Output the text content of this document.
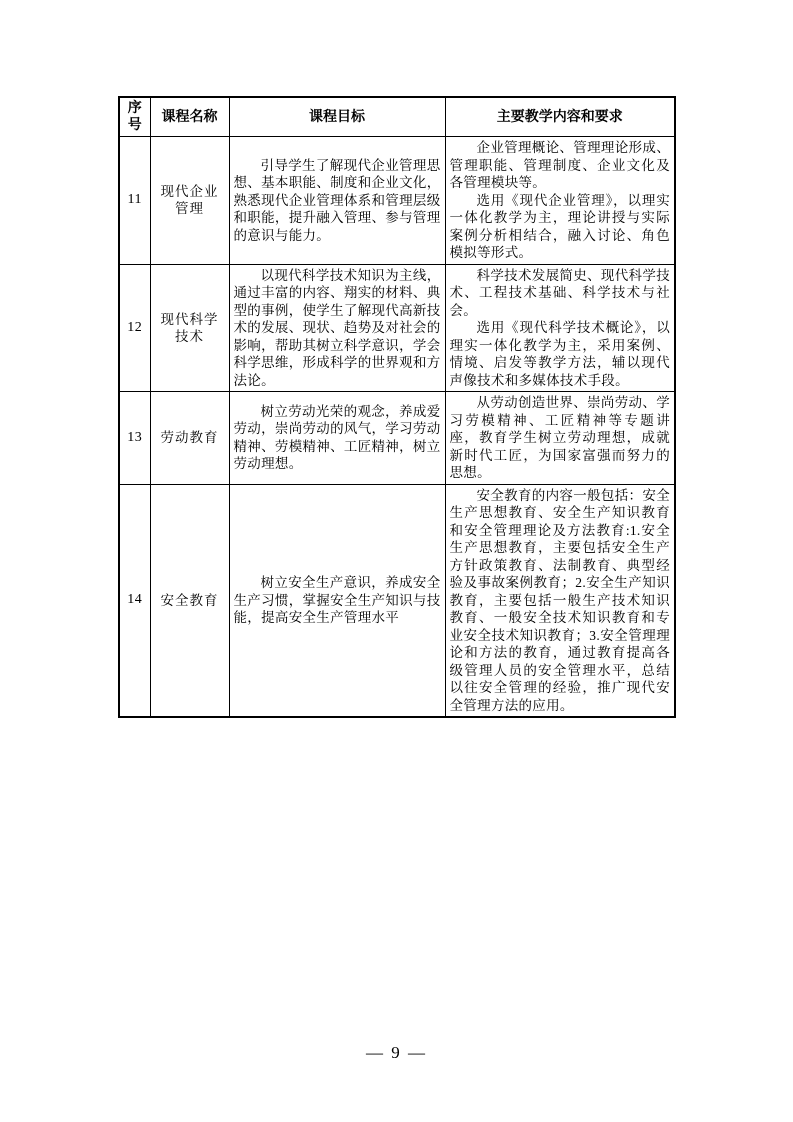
序号	课程名称	课程目标	主要教学内容和要求
11	现代企业管理	引导学生了解现代企业管理思想、基本职能、制度和企业文化，熟悉现代企业管理体系和管理层级和职能，提升融入管理、参与管理的意识与能力。	企业管理概论、管理理论形成、管理职能、管理制度、企业文化及各管理模块等。

选用《现代企业管理》，以理实一体化教学为主，理论讲授与实际案例分析相结合，融入讨论、角色模拟等形式。

12	现代科学技术	以现代科学技术知识为主线，通过丰富的内容、翔实的材料、典型的事例，使学生了解现代高新技术的发展、现状、趋势及对社会的影响，帮助其树立科学意识，学会科学思维，形成科学的世界观和方法论。	科学技术发展简史、现代科学技术、工程技术基础、科学技术与社会。

选用《现代科学技术概论》，以理实一体化教学为主，采用案例、情境、启发等教学方法，辅以现代声像技术和多媒体技术手段。

13	劳动教育	树立劳动光荣的观念，养成爱劳动，崇尚劳动的风气，学习劳动精神、劳模精神、工匠精神，树立劳动理想。	从劳动创造世界、崇尚劳动、学习劳模精神、工匠精神等专题讲座，教育学生树立劳动理想，成就新时代工匠，为国家富强而努力的思想。

14	安全教育	树立安全生产意识，养成安全生产习惯，掌握安全生产知识与技能，提高安全生产管理水平	安全教育的内容一般包括：安全生产思想教育、安全生产知识教育和安全管理理论及方法教育:1.安全生产思想教育，主要包括安全生产方针政策教育、法制教育、典型经验及事故案例教育；2.安全生产知识教育，主要包括一般生产技术知识教育、一般安全技术知识教育和专业安全技术知识教育；3.安全管理理论和方法的教育，通过教育提高各级管理人员的安全管理水平，总结以往安全管理的经验，推广现代安全管理方法的应用。

— 9 —
